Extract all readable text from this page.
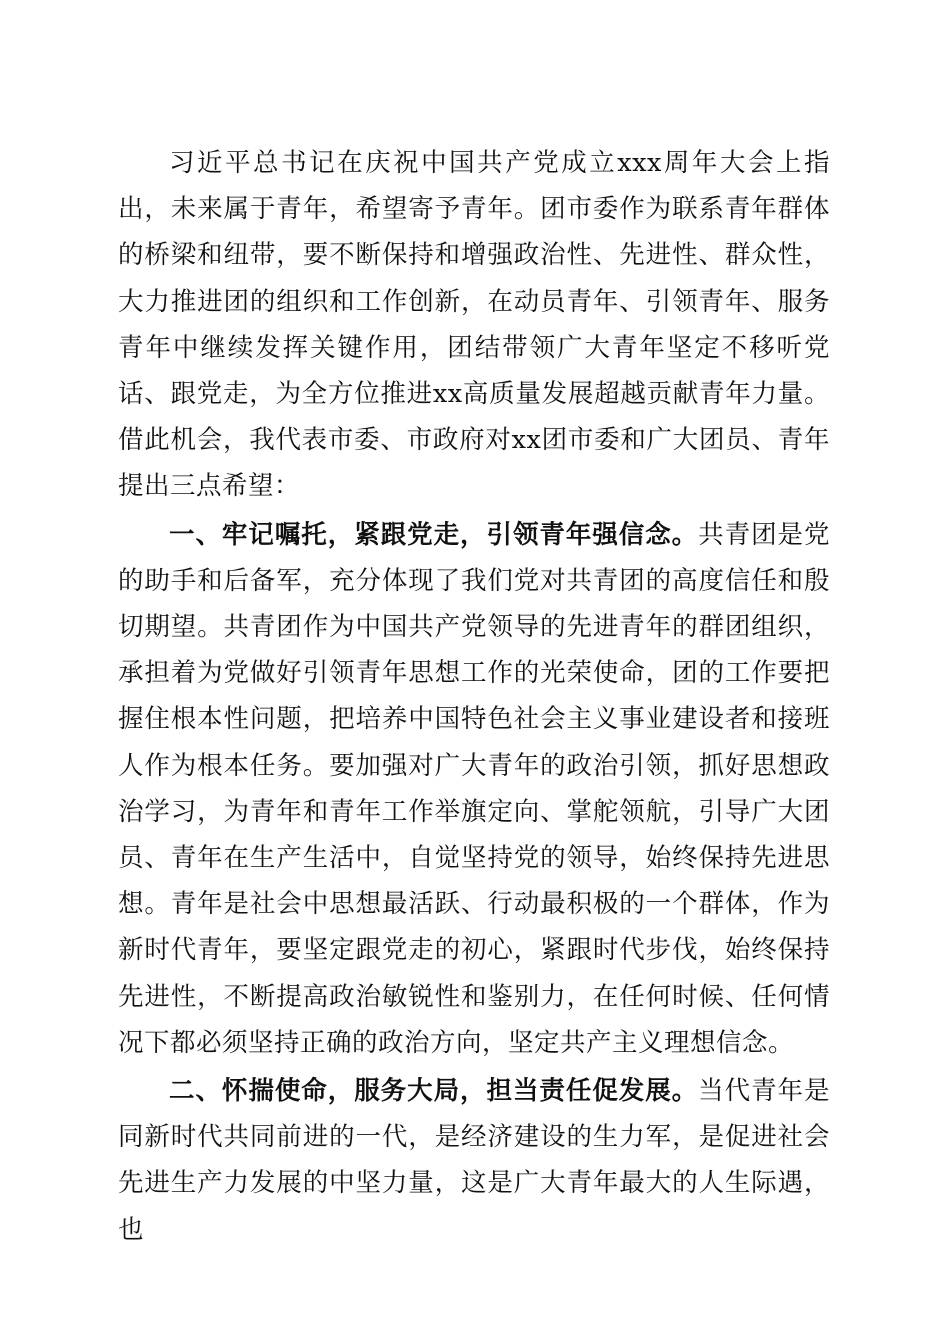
习近平总书记在庆祝中国共产党成立xxx周年大会上指出，未来属于青年，希望寄予青年。团市委作为联系青年群体的桥梁和纽带，要不断保持和增强政治性、先进性、群众性，大力推进团的组织和工作创新，在动员青年、引领青年、服务青年中继续发挥关键作用，团结带领广大青年坚定不移听党话、跟党走，为全方位推进xx高质量发展超越贡献青年力量。借此机会，我代表市委、市政府对xx团市委和广大团员、青年提出三点希望：

一、牢记嘱托，紧跟党走，引领青年强信念。共青团是党的助手和后备军，充分体现了我们党对共青团的高度信任和殷切期望。共青团作为中国共产党领导的先进青年的群团组织，承担着为党做好引领青年思想工作的光荣使命，团的工作要把握住根本性问题，把培养中国特色社会主义事业建设者和接班人作为根本任务。要加强对广大青年的政治引领，抓好思想政治学习，为青年和青年工作举旗定向、掌舵领航，引导广大团员、青年在生产生活中，自觉坚持党的领导，始终保持先进思想。青年是社会中思想最活跃、行动最积极的一个群体，作为新时代青年，要坚定跟党走的初心，紧跟时代步伐，始终保持先进性，不断提高政治敏锐性和鉴别力，在任何时候、任何情况下都必须坚持正确的政治方向，坚定共产主义理想信念。

二、怀揣使命，服务大局，担当责任促发展。当代青年是同新时代共同前进的一代，是经济建设的生力军，是促进社会先进生产力发展的中坚力量，这是广大青年最大的人生际遇，也
